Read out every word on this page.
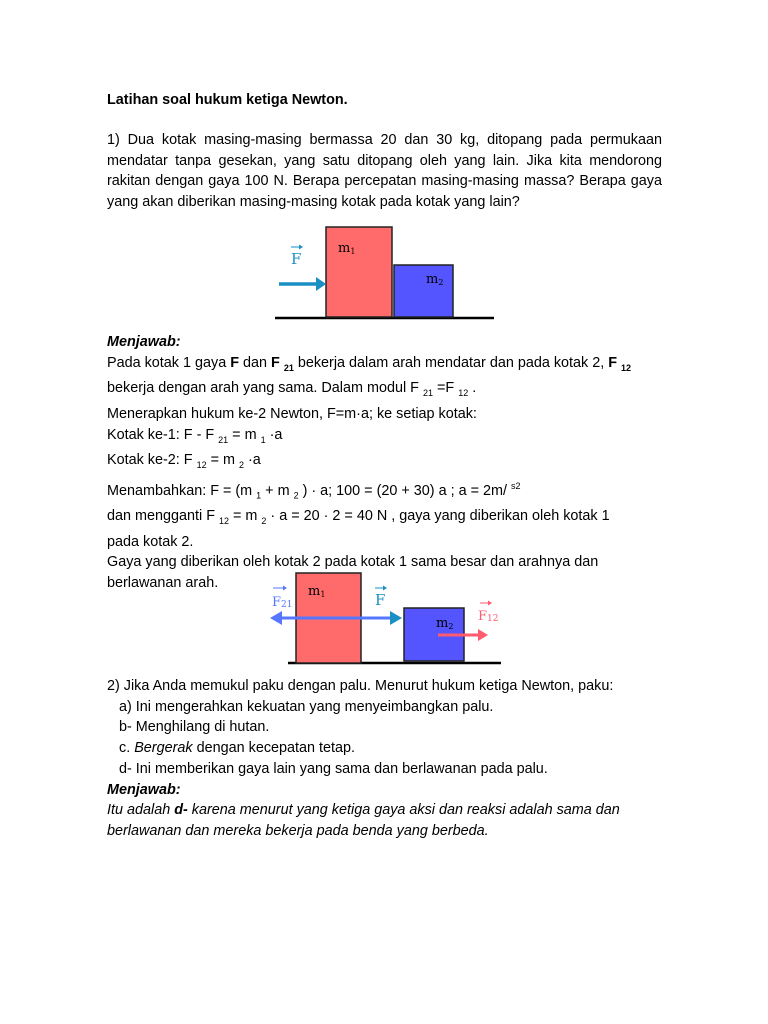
Latihan soal hukum ketiga Newton.

1) Dua kotak masing-masing bermassa 20 dan 30 kg, ditopang pada permukaan mendatar tanpa gesekan, yang satu ditopang oleh yang lain. Jika kita mendorong rakitan dengan gaya 100 N. Berapa percepatan masing-masing massa? Berapa gaya yang akan diberikan masing-masing kotak pada kotak yang lain?

Menjawab:
Pada kotak 1 gaya F dan F $_{21}$ bekerja dalam arah mendatar dan pada kotak 2, F $_{12}$
bekerja dengan arah yang sama. Dalam modul F $_{21}$ =F $_{12}$ .
Menerapkan hukum ke-2 Newton, F=m·a; ke setiap kotak:
Kotak ke-1: F - F $_{21}$ = m $_1$ ·a
Kotak ke-2: F $_{12}$ = m $_2$ ·a
Menambahkan: F = (m $_1$ + m $_2$ ) · a; 100 = (20 + 30) a ; a = 2m/ $^{s2}$
dan mengganti F $_{12}$ = m $_2$ · a = 20 · 2 = 40 N , gaya yang diberikan oleh kotak 1
pada kotak 2.
Gaya yang diberikan oleh kotak 2 pada kotak 1 sama besar dan arahnya dan
berlawanan arah.
2) Jika Anda memukul paku dengan palu. Menurut hukum ketiga Newton, paku:
a) Ini mengerahkan kekuatan yang menyeimbangkan palu.
b- Menghilang di hutan.
c. Bergerak dengan kecepatan tetap.
d- Ini memberikan gaya lain yang sama dan berlawanan pada palu.
Menjawab:
Itu adalah d- karena menurut yang ketiga gaya aksi dan reaksi adalah sama dan
berlawanan dan mereka bekerja pada benda yang berbeda.
m1
m2
F
m1
m2
F21	F
F12
